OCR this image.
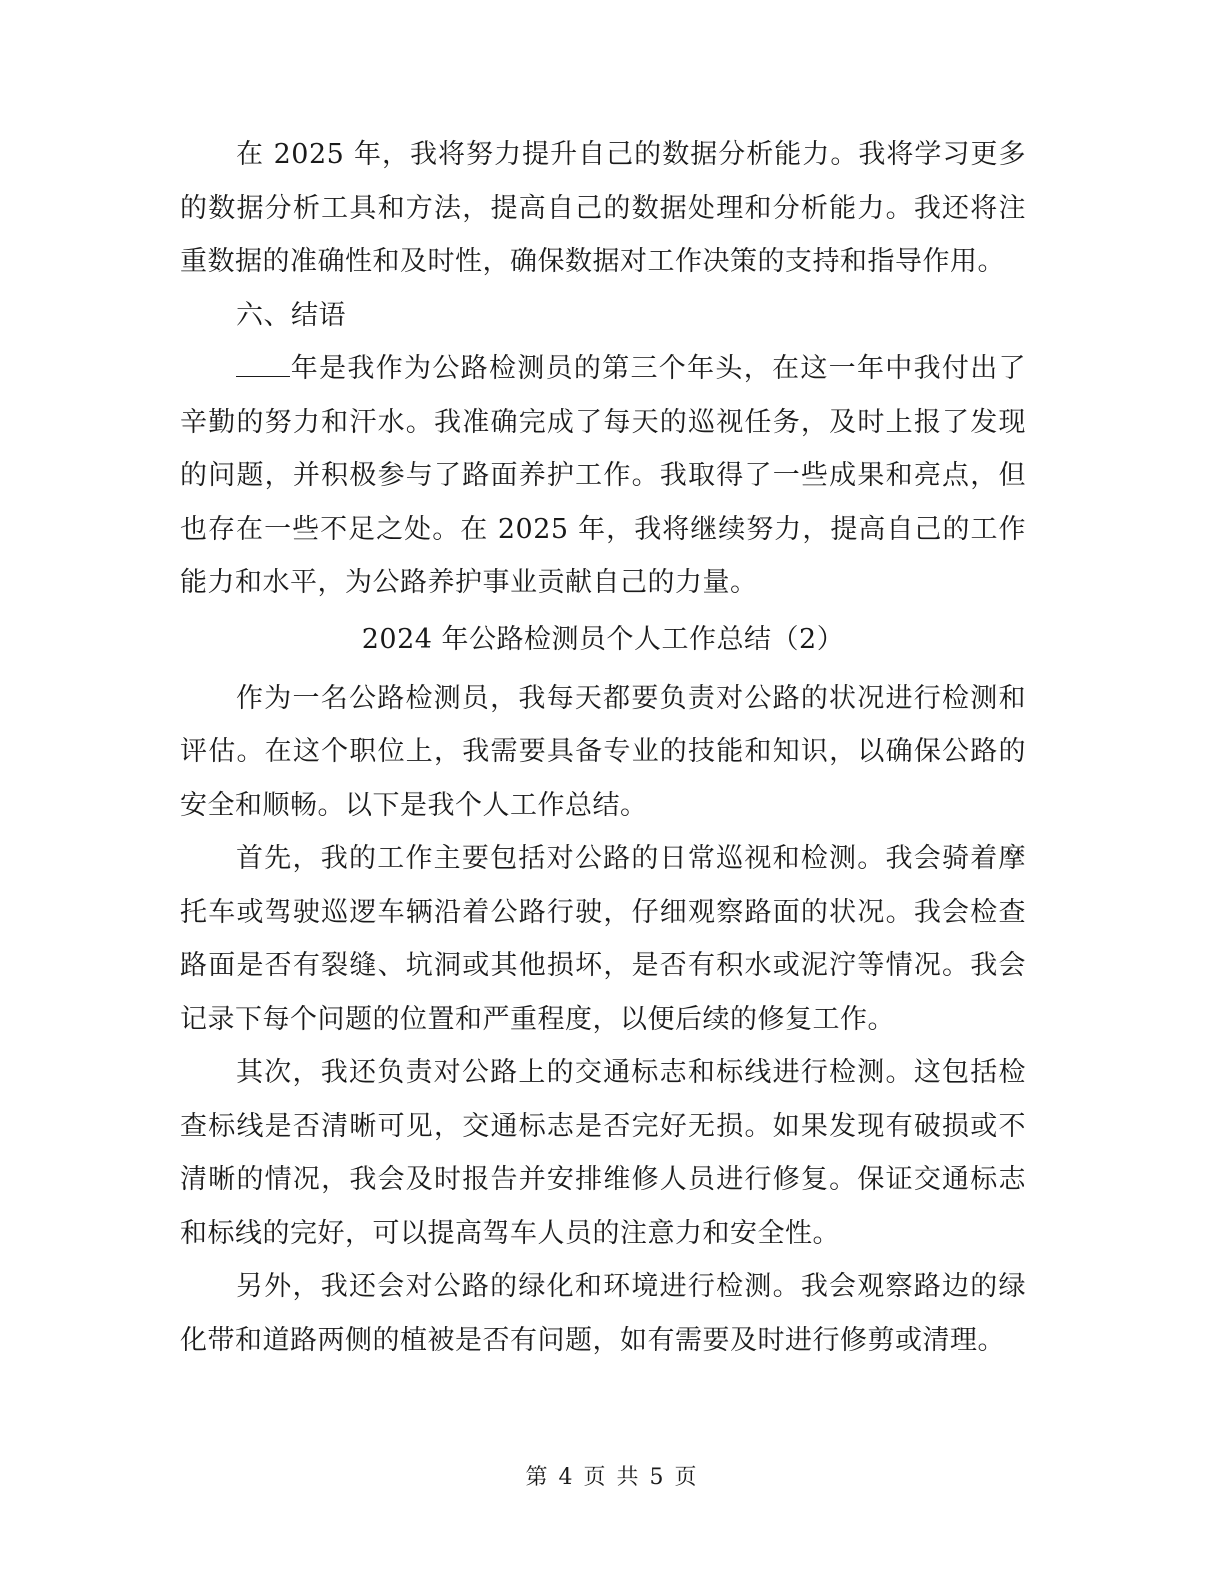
在 2025 年，我将努力提升自己的数据分析能力。我将学习更多的数据分析工具和方法，提高自己的数据处理和分析能力。我还将注重数据的准确性和及时性，确保数据对工作决策的支持和指导作用。

六、结语

年是我作为公路检测员的第三个年头，在这一年中我付出了辛勤的努力和汗水。我准确完成了每天的巡视任务，及时上报了发现的问题，并积极参与了路面养护工作。我取得了一些成果和亮点，但也存在一些不足之处。在 2025 年，我将继续努力，提高自己的工作能力和水平，为公路养护事业贡献自己的力量。

2024 年公路检测员个人工作总结（2）

作为一名公路检测员，我每天都要负责对公路的状况进行检测和评估。在这个职位上，我需要具备专业的技能和知识，以确保公路的安全和顺畅。以下是我个人工作总结。

首先，我的工作主要包括对公路的日常巡视和检测。我会骑着摩托车或驾驶巡逻车辆沿着公路行驶，仔细观察路面的状况。我会检查路面是否有裂缝、坑洞或其他损坏，是否有积水或泥泞等情况。我会记录下每个问题的位置和严重程度，以便后续的修复工作。

其次，我还负责对公路上的交通标志和标线进行检测。这包括检查标线是否清晰可见，交通标志是否完好无损。如果发现有破损或不清晰的情况，我会及时报告并安排维修人员进行修复。保证交通标志和标线的完好，可以提高驾车人员的注意力和安全性。

另外，我还会对公路的绿化和环境进行检测。我会观察路边的绿化带和道路两侧的植被是否有问题，如有需要及时进行修剪或清理。

第 4 页 共 5 页
